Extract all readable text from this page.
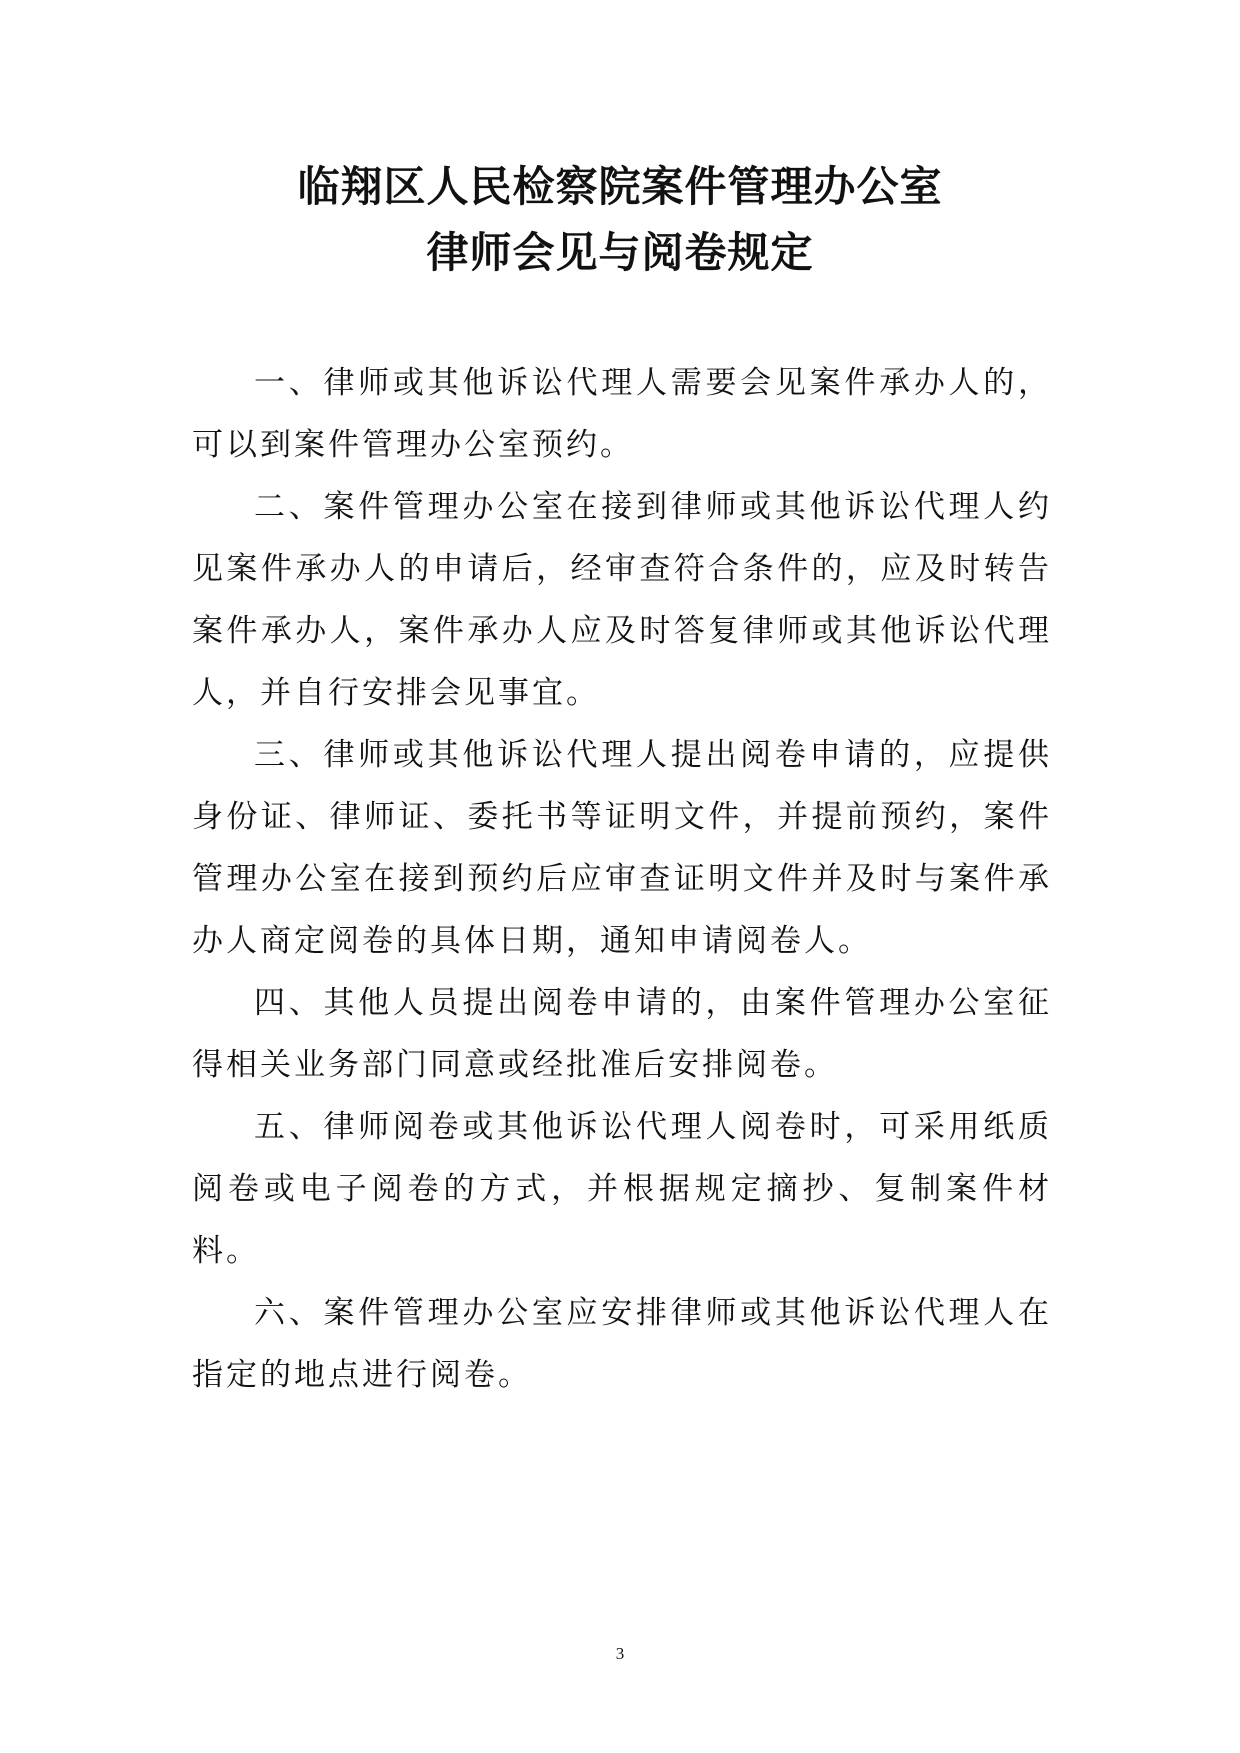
临翔区人民检察院案件管理办公室
律师会见与阅卷规定

一、律师或其他诉讼代理人需要会见案件承办人的，可以到案件管理办公室预约。

二、案件管理办公室在接到律师或其他诉讼代理人约见案件承办人的申请后，经审查符合条件的，应及时转告案件承办人，案件承办人应及时答复律师或其他诉讼代理人，并自行安排会见事宜。

三、律师或其他诉讼代理人提出阅卷申请的，应提供身份证、律师证、委托书等证明文件，并提前预约，案件管理办公室在接到预约后应审查证明文件并及时与案件承办人商定阅卷的具体日期，通知申请阅卷人。

四、其他人员提出阅卷申请的，由案件管理办公室征得相关业务部门同意或经批准后安排阅卷。

五、律师阅卷或其他诉讼代理人阅卷时，可采用纸质阅卷或电子阅卷的方式，并根据规定摘抄、复制案件材料。

六、案件管理办公室应安排律师或其他诉讼代理人在指定的地点进行阅卷。

3
